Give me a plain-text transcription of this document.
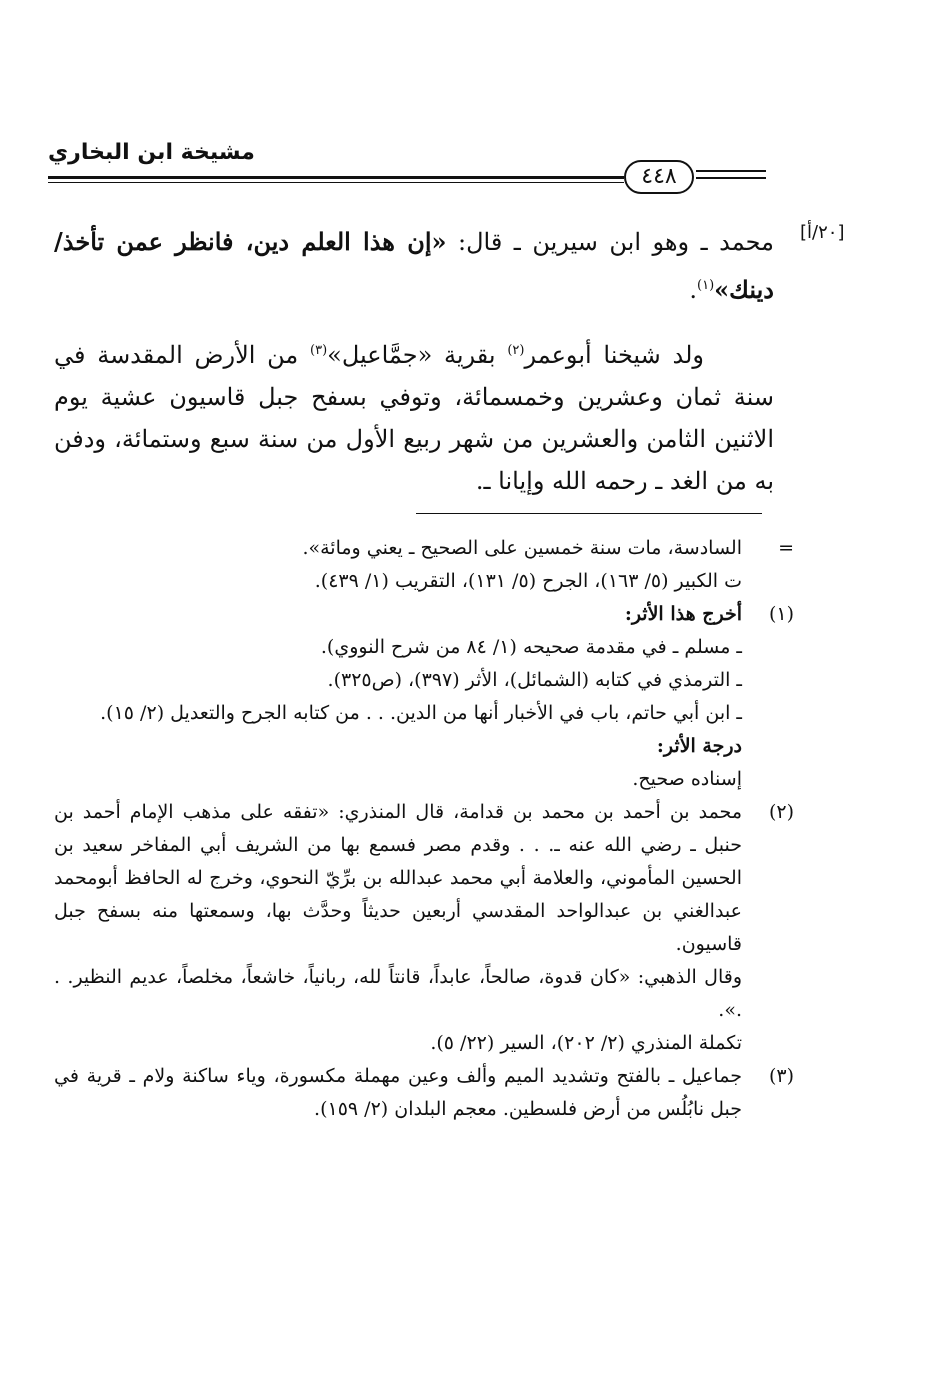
مشيخة ابن البخاري
٤٤٨
[٢٠/أ]
محمد ـ وهو ابن سيرين ـ قال: «إن هذا العلم دين، فانظر عمن تأخذ/ دينك»$^{(١)}$.
ولد شيخنا أبوعمر$^{(٢)}$ بقرية «جمَّاعيل»$^{(٣)}$ من الأرض المقدسة في سنة ثمان وعشرين وخمسمائة، وتوفي بسفح جبل قاسيون عشية يوم الاثنين الثامن والعشرين من شهر ربيع الأول من سنة سبع وستمائة، ودفن به من الغد ـ رحمه الله وإيانا ـ.
=
السادسة، مات سنة خمسين على الصحيح ـ يعني ومائة».
ت الكبير (٥/ ١٦٣)، الجرح (٥/ ١٣١)، التقريب (١/ ٤٣٩).
(١)
أخرج هذا الأثر:
ـ مسلم ـ في مقدمة صحيحه (١/ ٨٤ من شرح النووي).
ـ الترمذي في كتابه (الشمائل)، الأثر (٣٩٧)، (ص٣٢٥).
ـ ابن أبي حاتم، باب في الأخبار أنها من الدين. . . من كتابه الجرح والتعديل (٢/ ١٥).
درجة الأثر:
إسناده صحيح.
(٢)
محمد بن أحمد بن محمد بن قدامة، قال المنذري: «تفقه على مذهب الإمام أحمد بن حنبل ـ رضي الله عنه ـ. . . وقدم مصر فسمع بها من الشريف أبي المفاخر سعيد بن الحسين المأموني، والعلامة أبي محمد عبدالله بن برِّيّ النحوي، وخرج له الحافظ أبومحمد عبدالغني بن عبدالواحد المقدسي أربعين حديثاً وحدَّث بها، وسمعتها منه بسفح جبل قاسيون.
وقال الذهبي: «كان قدوة، صالحاً، عابداً، قانتاً لله، ربانياً، خاشعاً، مخلصاً، عديم النظير. . .».
تكملة المنذري (٢/ ٢٠٢)، السير (٢٢/ ٥).
(٣)
جماعيل ـ بالفتح وتشديد الميم وألف وعين مهملة مكسورة، وياء ساكنة ولام ـ قرية في جبل نابُلُس من أرض فلسطين. معجم البلدان (٢/ ١٥٩).
